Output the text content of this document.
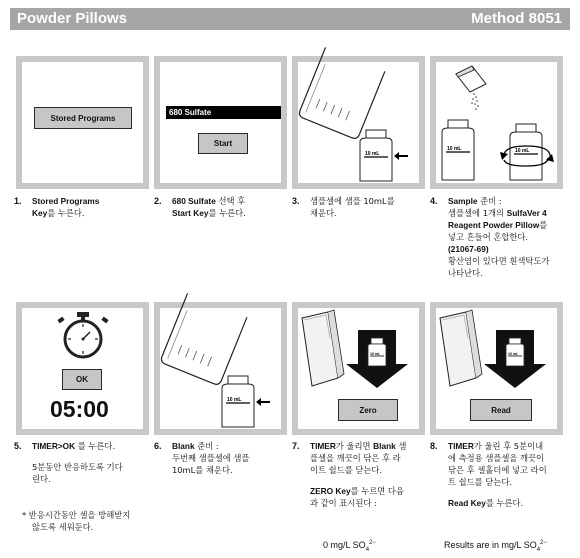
Powder Pillows	Method 8051
Stored Programs
680 Sulfate
Start
10 mL
10 mL	10 mL
OK
05:00	10 mL
10 mL
Zero
10 mL
Read
1. Stored Programs
Key를 누른다.
2. 680 Sulfate 선택 후
Start Key를 누른다.
3. 샘플셀에 샘플 10mL를
채운다.
4. Sample 준비 :
샘플셀에 1개의 SulfaVer 4
Reagent Powder Pillow를
넣고 흔들어 혼합한다.
(21067-69)
황산염이 있다면 흰색탁도가
나타난다.
5. TIMER>OK 를 누른다.
5분동안 반응하도록 기다
린다.
* 반응시간동안 셀을 방해받지
않도록 세워둔다.
6. Blank 준비 :
두번째 샘플셀에 샘플
10mL를 채운다.
7. TIMER가 울리면 Blank 샘
플셀을 깨끗이 닦은 후 라
이트 쉴드를 닫는다.
ZERO Key를 누르면 다음
과 같이 표시된다 :
0 mg/L $SO_4^{2-}$
8. TIMER가 울린 후 5분이내
에 측정용 샘플셀을 깨끗이
닦은 후 셀홀더에 넣고 라이
트 쉴드를 닫는다.
Read Key를 누른다.
Results are in mg/L $SO_4^{2-}$
